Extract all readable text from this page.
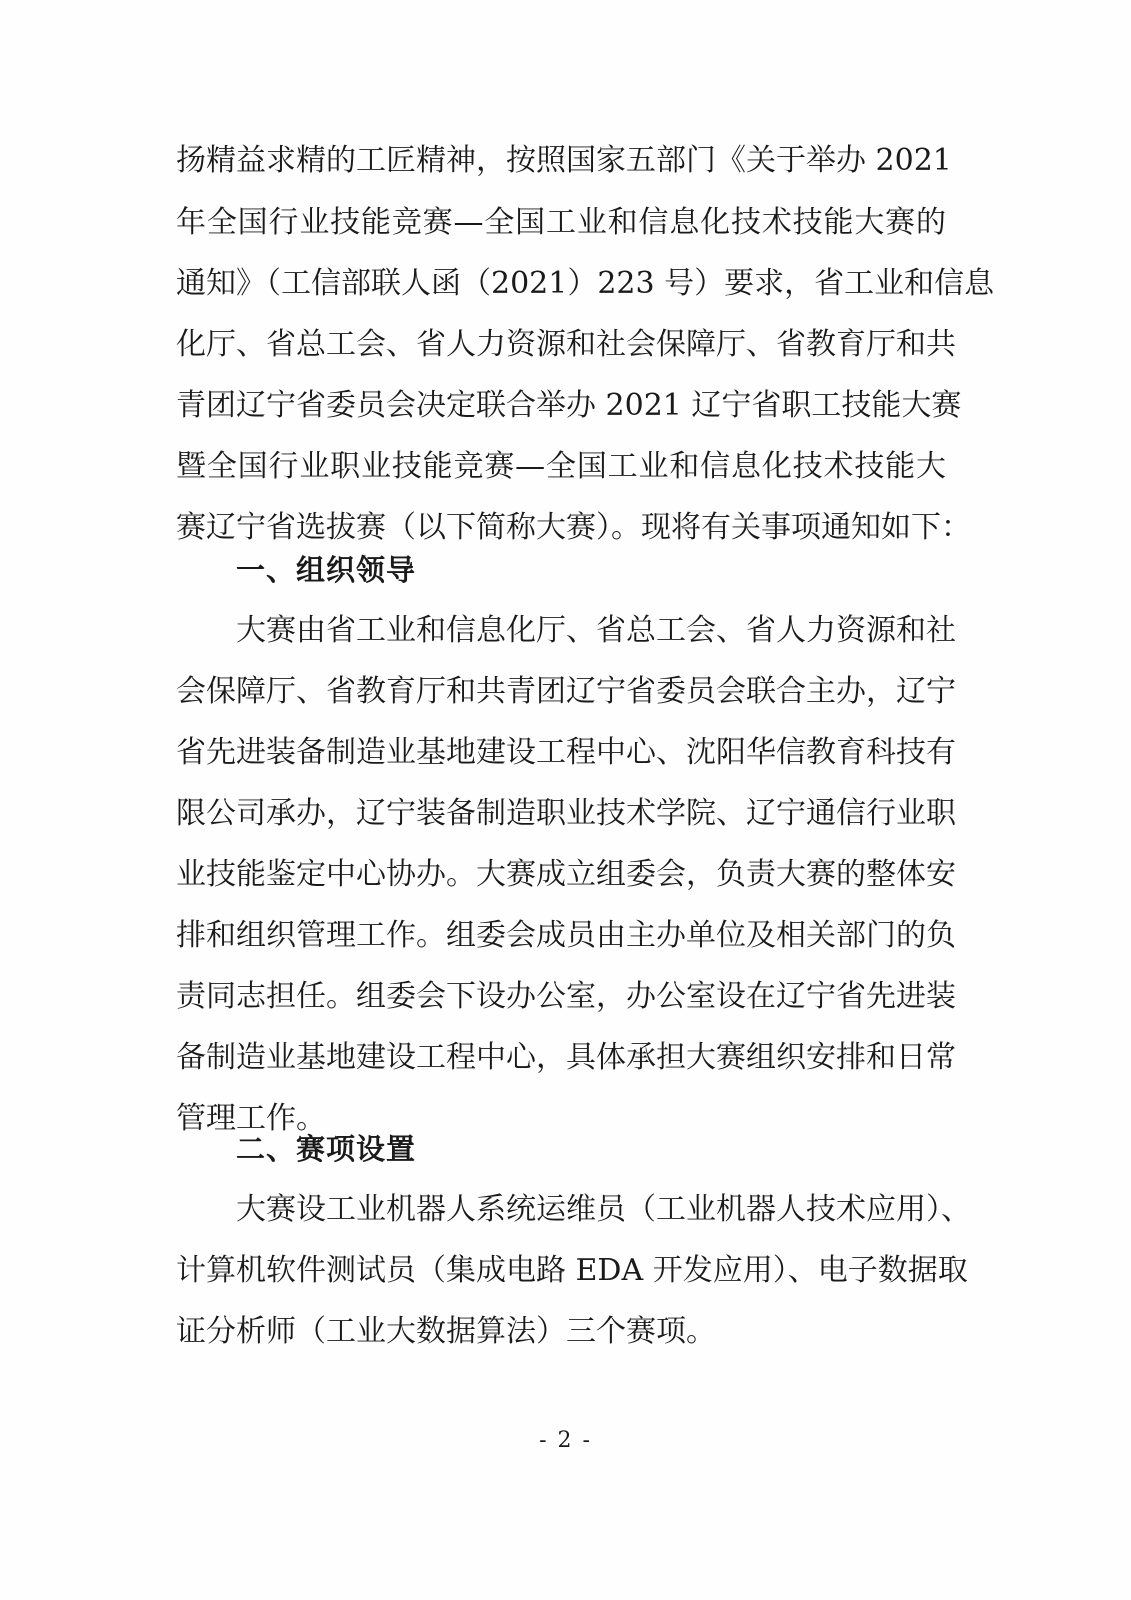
扬精益求精的工匠精神，按照国家五部门《关于举办 2021
年全国行业技能竞赛—全国工业和信息化技术技能大赛的
通知》（工信部联人函（2021）223 号）要求，省工业和信息
化厅、省总工会、省人力资源和社会保障厅、省教育厅和共
青团辽宁省委员会决定联合举办 2021 辽宁省职工技能大赛
暨全国行业职业技能竞赛—全国工业和信息化技术技能大
赛辽宁省选拔赛（以下简称大赛）。现将有关事项通知如下：
一、组织领导
大赛由省工业和信息化厅、省总工会、省人力资源和社
会保障厅、省教育厅和共青团辽宁省委员会联合主办，辽宁
省先进装备制造业基地建设工程中心、沈阳华信教育科技有
限公司承办，辽宁装备制造职业技术学院、辽宁通信行业职
业技能鉴定中心协办。大赛成立组委会，负责大赛的整体安
排和组织管理工作。组委会成员由主办单位及相关部门的负
责同志担任。组委会下设办公室，办公室设在辽宁省先进装
备制造业基地建设工程中心，具体承担大赛组织安排和日常
管理工作。
二、赛项设置
大赛设工业机器人系统运维员（工业机器人技术应用）、
计算机软件测试员（集成电路 EDA 开发应用）、电子数据取
证分析师（工业大数据算法）三个赛项。
- 2 -
